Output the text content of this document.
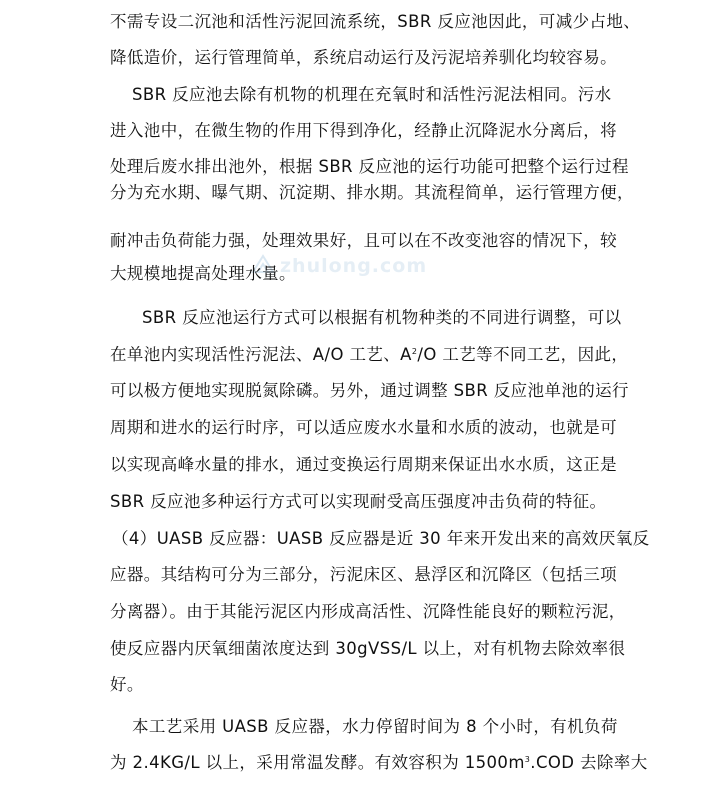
zhulong.com
不需专设二沉池和活性污泥回流系统，SBR 反应池因此，可减少占地、
降低造价，运行管理简单，系统启动运行及污泥培养驯化均较容易。
SBR 反应池去除有机物的机理在充氧时和活性污泥法相同。污水
进入池中，在微生物的作用下得到净化，经静止沉降泥水分离后，将
处理后废水排出池外，根据 SBR 反应池的运行功能可把整个运行过程
分为充水期、曝气期、沉淀期、排水期。其流程简单，运行管理方便，
耐冲击负荷能力强，处理效果好，且可以在不改变池容的情况下，较
大规模地提高处理水量。
SBR 反应池运行方式可以根据有机物种类的不同进行调整，可以
在单池内实现活性污泥法、A/O 工艺、$A^2/O$ 工艺等不同工艺，因此，
可以极方便地实现脱氮除磷。另外，通过调整 SBR 反应池单池的运行
周期和进水的运行时序，可以适应废水水量和水质的波动，也就是可
以实现高峰水量的排水，通过变换运行周期来保证出水水质，这正是
SBR 反应池多种运行方式可以实现耐受高压强度冲击负荷的特征。
（4）UASB 反应器：UASB 反应器是近 30 年来开发出来的高效厌氧反
应器。其结构可分为三部分，污泥床区、悬浮区和沉降区（包括三项
分离器）。由于其能污泥区内形成高活性、沉降性能良好的颗粒污泥，
使反应器内厌氧细菌浓度达到 30gVSS/L 以上，对有机物去除效率很
好。
本工艺采用 UASB 反应器，水力停留时间为 8 个小时，有机负荷
为 2.4KG/L 以上，采用常温发酵。有效容积为 $1500m^3.COD$ 去除率大
